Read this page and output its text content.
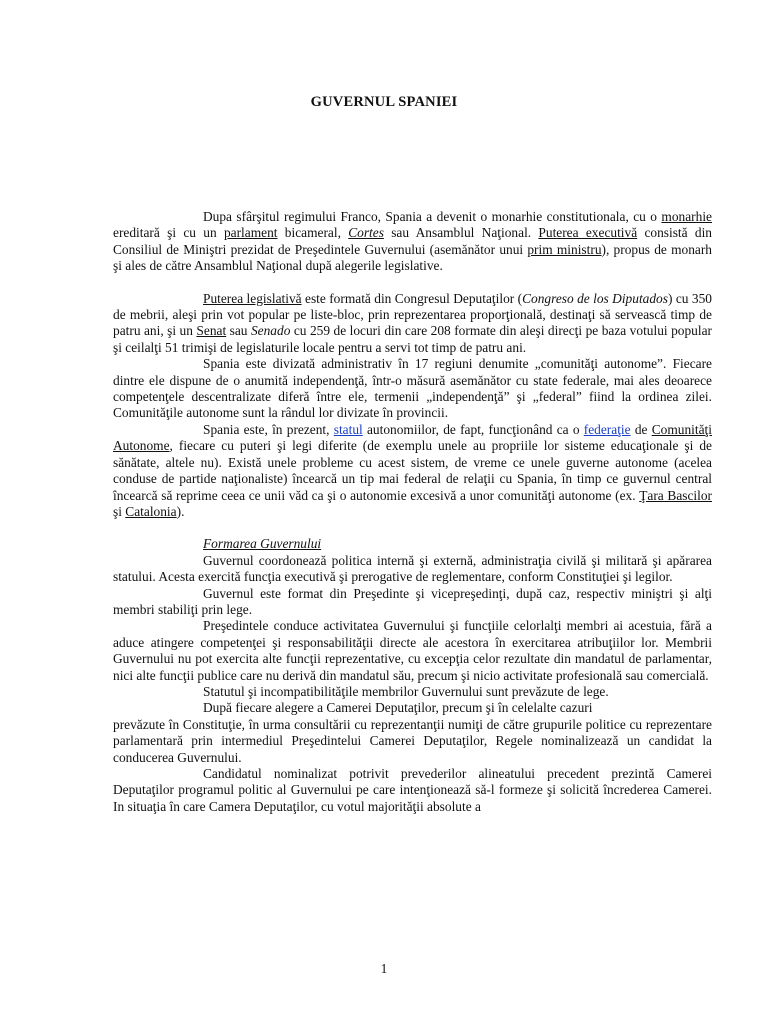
GUVERNUL SPANIEI

Dupa sfârşitul regimului Franco, Spania a devenit o monarhie constitutionala, cu o monarhie ereditară şi cu un parlament bicameral, Cortes sau Ansamblul Naţional. Puterea executivă consistă din Consiliul de Miniştri prezidat de Preşedintele Guvernului (asemănător unui prim ministru), propus de monarh şi ales de către Ansamblul Naţional după alegerile legislative.

Puterea legislativă este formată din Congresul Deputaţilor (Congreso de los Diputados) cu 350 de mebrii, aleşi prin vot popular pe liste-bloc, prin reprezentarea proporţională, destinaţi să servească timp de patru ani, şi un Senat sau Senado cu 259 de locuri din care 208 formate din aleşi direcţi pe baza votului popular şi ceilalţi 51 trimişi de legislaturile locale pentru a servi tot timp de patru ani.

Spania este divizată administrativ în 17 regiuni denumite „comunităţi autonome”. Fiecare dintre ele dispune de o anumită independenţă, într-o măsură asemănător cu state federale, mai ales deoarece competenţele descentralizate diferă între ele, termenii „independenţă” şi „federal” fiind la ordinea zilei. Comunităţile autonome sunt la rândul lor divizate în provincii.

Spania este, în prezent, statul autonomiilor, de fapt, funcţionând ca o federaţie de Comunităţi Autonome, fiecare cu puteri şi legi diferite (de exemplu unele au propriile lor sisteme educaţionale şi de sănătate, altele nu). Există unele probleme cu acest sistem, de vreme ce unele guverne autonome (acelea conduse de partide naţionaliste) încearcă un tip mai federal de relaţii cu Spania, în timp ce guvernul central încearcă să reprime ceea ce unii văd ca şi o autonomie excesivă a unor comunităţi autonome (ex. Ţara Bascilor şi Catalonia).

Formarea Guvernului

Guvernul coordonează politica internă şi externă, administraţia civilă şi militară şi apărarea statului. Acesta exercită funcţia executivă şi prerogative de reglementare, conform Constituţiei şi legilor.

Guvernul este format din Preşedinte şi vicepreşedinţi, după caz, respectiv miniştri şi alţi membri stabiliţi prin lege.

Preşedintele conduce activitatea Guvernului şi funcţiile celorlalţi membri ai acestuia, fără a aduce atingere competenţei şi responsabilităţii directe ale acestora în exercitarea atribuţiilor lor. Membrii Guvernului nu pot exercita alte funcţii reprezentative, cu excepţia celor rezultate din mandatul de parlamentar, nici alte funcţii publice care nu derivă din mandatul său, precum şi nicio activitate profesională sau comercială.

Statutul şi incompatibilităţile membrilor Guvernului sunt prevăzute de lege.

După fiecare alegere a Camerei Deputaţilor, precum şi în celelalte cazuri

prevăzute în Constituţie, în urma consultării cu reprezentanţii numiţi de către grupurile politice cu reprezentare parlamentară prin intermediul Preşedintelui Camerei Deputaţilor, Regele nominalizează un candidat la conducerea Guvernului.

Candidatul nominalizat potrivit prevederilor alineatului precedent prezintă Camerei Deputaţilor programul politic al Guvernului pe care intenţionează să-l formeze şi solicită încrederea Camerei. In situaţia în care Camera Deputaţilor, cu votul majorităţii absolute a

1
